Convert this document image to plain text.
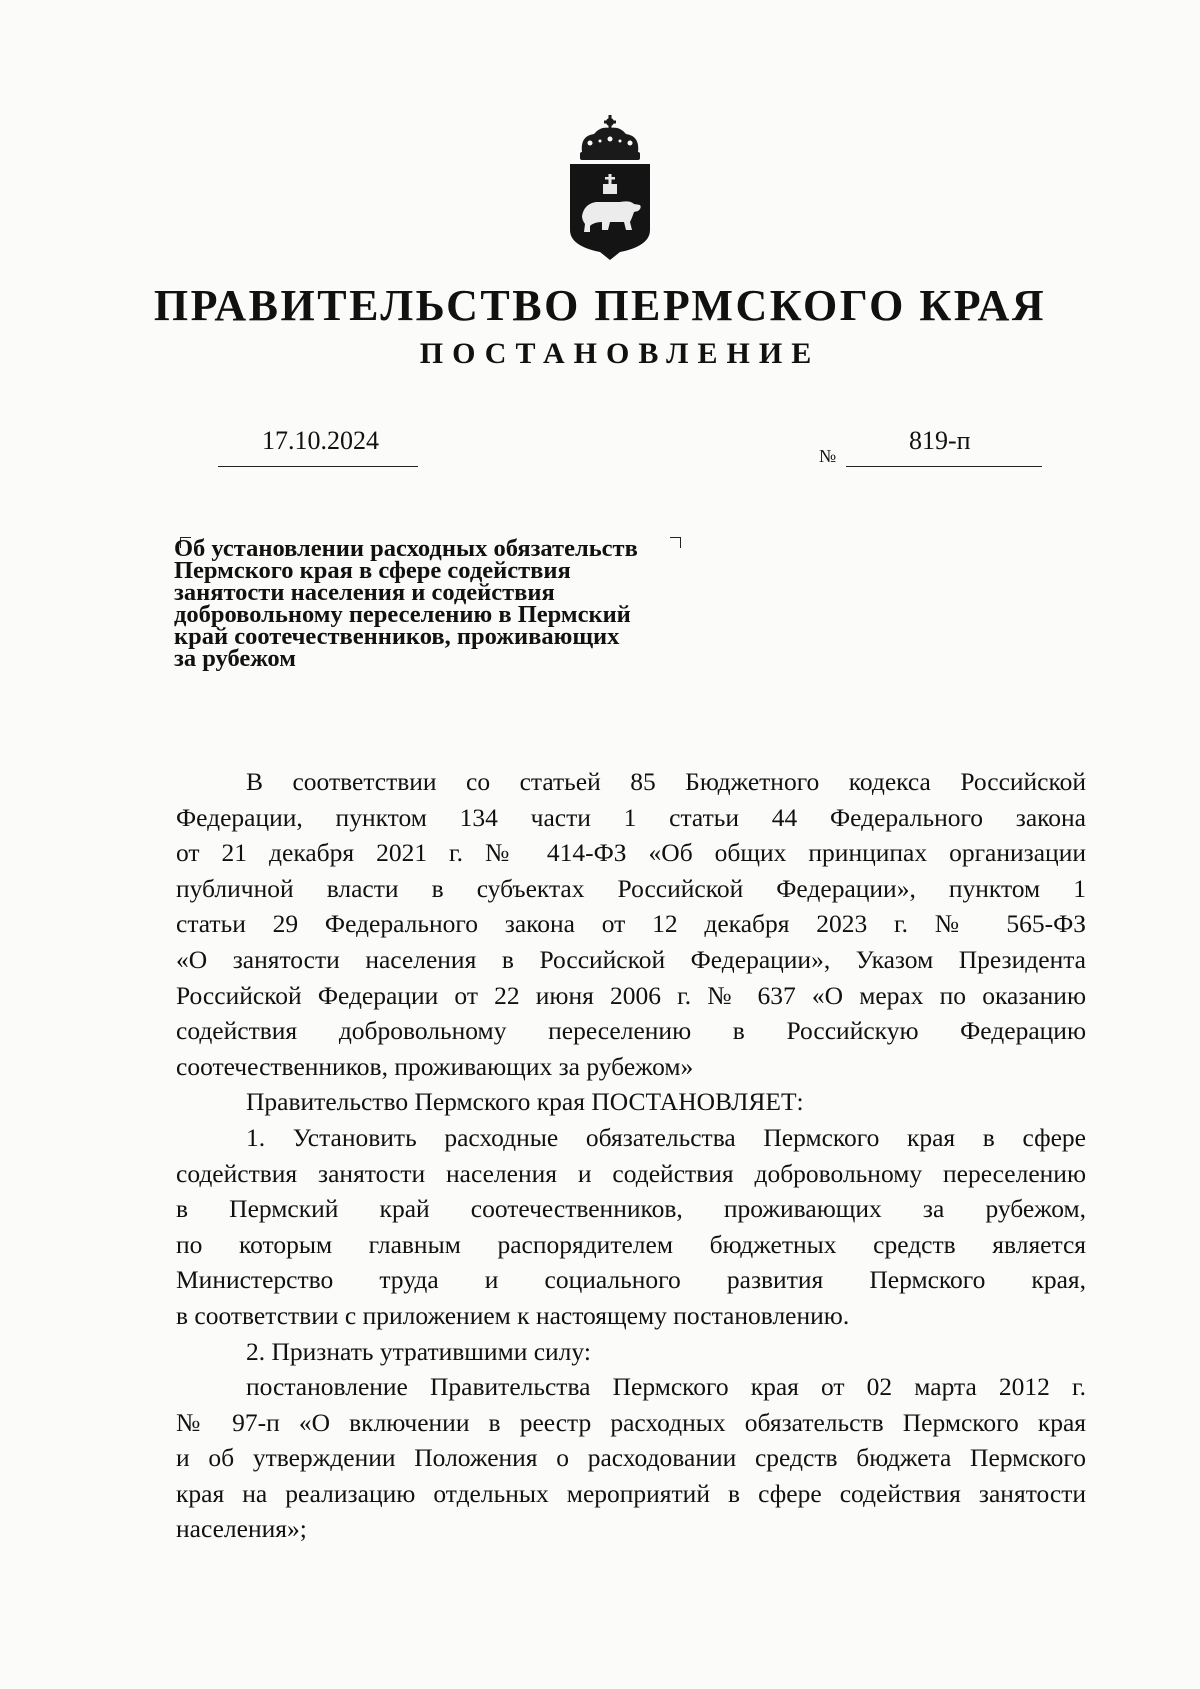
ПРАВИТЕЛЬСТВО ПЕРМСКОГО КРАЯ
ПОСТАНОВЛЕНИЕ
17.10.2024
№
819-п
Об установлении расходных обязательств
Пермского края в сфере содействия
занятости населения и содействия
добровольному переселению в Пермский
край соотечественников, проживающих
за рубежом
В соответствии со статьей 85 Бюджетного кодекса Российской
Федерации, пунктом 134 части 1 статьи 44 Федерального закона
от 21 декабря 2021 г. № 414-ФЗ «Об общих принципах организации
публичной власти в субъектах Российской Федерации», пунктом 1
статьи 29 Федерального закона от 12 декабря 2023 г. № 565-ФЗ
«О занятости населения в Российской Федерации», Указом Президента
Российской Федерации от 22 июня 2006 г. № 637 «О мерах по оказанию
содействия добровольному переселению в Российскую Федерацию
соотечественников, проживающих за рубежом»
Правительство Пермского края ПОСТАНОВЛЯЕТ:
1. Установить расходные обязательства Пермского края в сфере
содействия занятости населения и содействия добровольному переселению
в Пермский край соотечественников, проживающих за рубежом,
по которым главным распорядителем бюджетных средств является
Министерство труда и социального развития Пермского края,
в соответствии с приложением к настоящему постановлению.
2. Признать утратившими силу:
постановление Правительства Пермского края от 02 марта 2012 г.
№ 97-п «О включении в реестр расходных обязательств Пермского края
и об утверждении Положения о расходовании средств бюджета Пермского
края на реализацию отдельных мероприятий в сфере содействия занятости
населения»;
